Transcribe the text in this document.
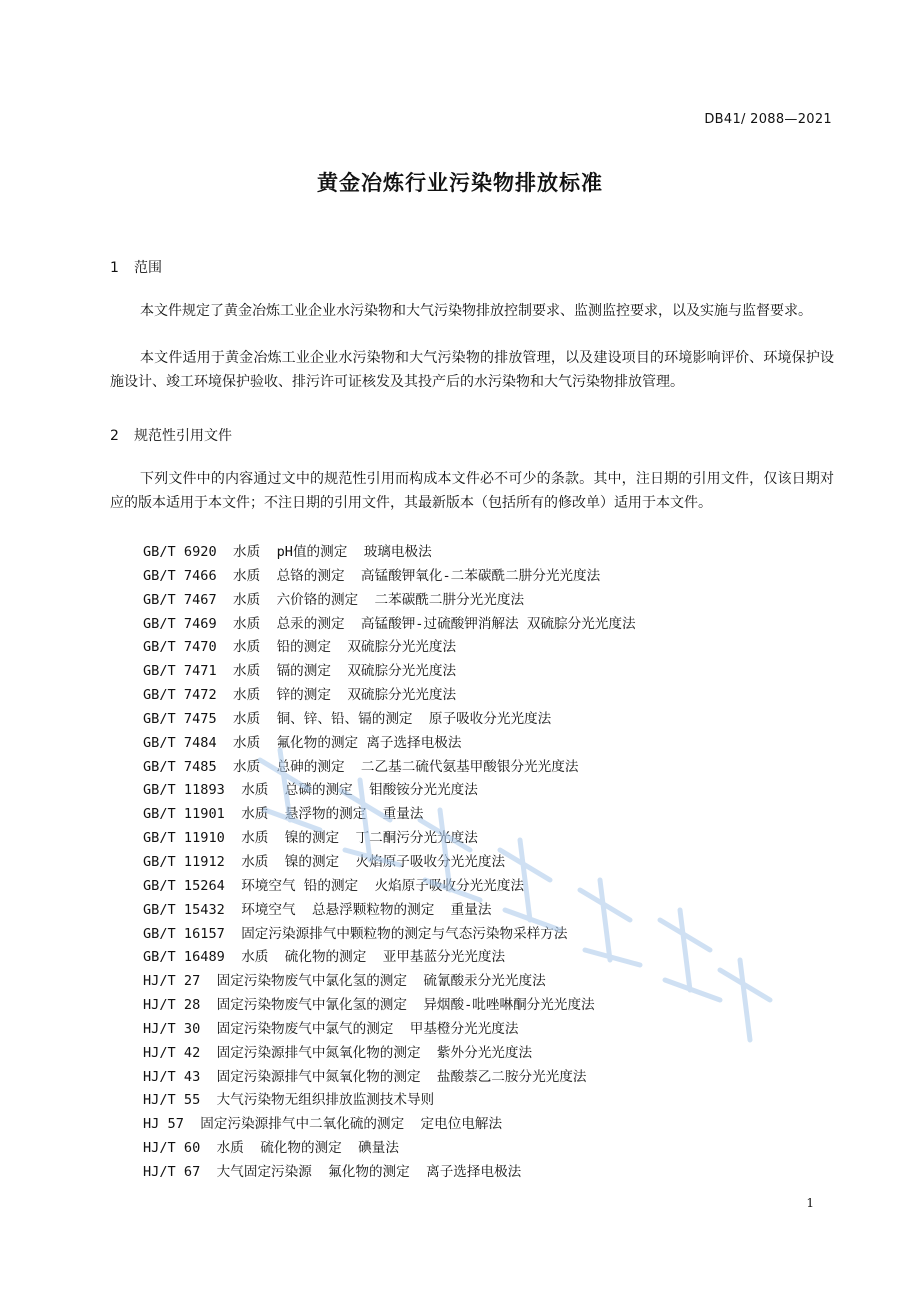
DB41/ 2088—2021
黄金冶炼行业污染物排放标准
1 范围
本文件规定了黄金冶炼工业企业水污染物和大气污染物排放控制要求、监测监控要求，以及实施与监督要求。
本文件适用于黄金冶炼工业企业水污染物和大气污染物的排放管理，以及建设项目的环境影响评价、环境保护设施设计、竣工环境保护验收、排污许可证核发及其投产后的水污染物和大气污染物排放管理。
2 规范性引用文件
下列文件中的内容通过文中的规范性引用而构成本文件必不可少的条款。其中，注日期的引用文件，仅该日期对应的版本适用于本文件；不注日期的引用文件，其最新版本（包括所有的修改单）适用于本文件。
GB/T 6920  水质  pH值的测定  玻璃电极法
GB/T 7466  水质  总铬的测定  高锰酸钾氧化-二苯碳酰二肼分光光度法
GB/T 7467  水质  六价铬的测定  二苯碳酰二肼分光光度法
GB/T 7469  水质  总汞的测定  高锰酸钾-过硫酸钾消解法 双硫腙分光光度法
GB/T 7470  水质  铅的测定  双硫腙分光光度法
GB/T 7471  水质  镉的测定  双硫腙分光光度法
GB/T 7472  水质  锌的测定  双硫腙分光光度法
GB/T 7475  水质  铜、锌、铅、镉的测定  原子吸收分光光度法
GB/T 7484  水质  氟化物的测定 离子选择电极法
GB/T 7485  水质  总砷的测定  二乙基二硫代氨基甲酸银分光光度法
GB/T 11893  水质  总磷的测定  钼酸铵分光光度法
GB/T 11901  水质  悬浮物的测定  重量法
GB/T 11910  水质  镍的测定  丁二酮污分光光度法
GB/T 11912  水质  镍的测定  火焰原子吸收分光光度法
GB/T 15264  环境空气 铅的测定  火焰原子吸收分光光度法
GB/T 15432  环境空气  总悬浮颗粒物的测定  重量法
GB/T 16157  固定污染源排气中颗粒物的测定与气态污染物采样方法
GB/T 16489  水质  硫化物的测定  亚甲基蓝分光光度法
HJ/T 27  固定污染物废气中氯化氢的测定  硫氰酸汞分光光度法
HJ/T 28  固定污染物废气中氰化氢的测定  异烟酸-吡唑啉酮分光光度法
HJ/T 30  固定污染物废气中氯气的测定  甲基橙分光光度法
HJ/T 42  固定污染源排气中氮氧化物的测定  紫外分光光度法
HJ/T 43  固定污染源排气中氮氧化物的测定  盐酸萘乙二胺分光光度法
HJ/T 55  大气污染物无组织排放监测技术导则
HJ 57  固定污染源排气中二氧化硫的测定  定电位电解法
HJ/T 60  水质  硫化物的测定  碘量法
HJ/T 67  大气固定污染源  氟化物的测定  离子选择电极法
1
